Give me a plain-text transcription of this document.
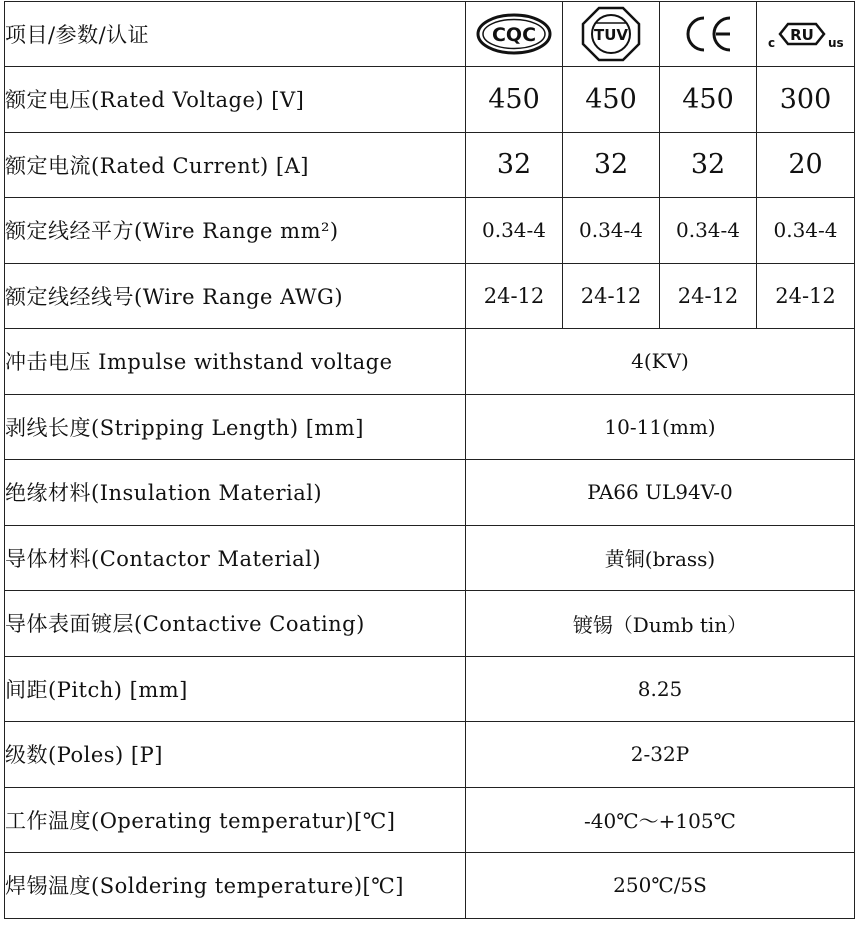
项目/参数/认证	CQC	TUV		c RU us

额定电压(Rated Voltage) [V]	450	450	450	300
额定电流(Rated Current) [A]	32	32	32	20
额定线经平方(Wire Range mm²)	0.34-4	0.34-4	0.34-4	0.34-4
额定线经线号(Wire Range AWG)	24-12	24-12	24-12	24-12
冲击电压 Impulse withstand voltage	4(KV)			
剥线长度(Stripping Length) [mm]	10-11(mm)			
绝缘材料(Insulation Material)	PA66 UL94V-0			
导体材料(Contactor Material)	黄铜(brass)			
导体表面镀层(Contactive Coating)	镀锡（Dumb tin）			
间距(Pitch) [mm]	8.25			
级数(Poles) [P]	2-32P			
工作温度(Operating temperatur)[℃]	-40℃～+105℃			
焊锡温度(Soldering temperature)[℃]	250℃/5S			
